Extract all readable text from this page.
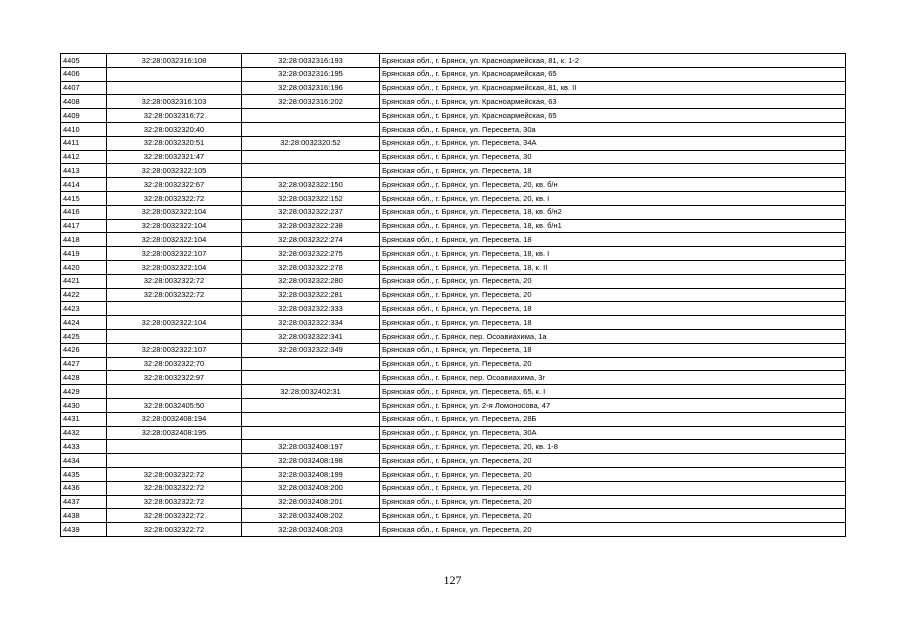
4405	32:28:0032316:108	32:28:0032316:193	Брянская обл., г. Брянск, ул. Красноармейская, 81, к. 1-2
4406		32:28:0032316:195	Брянская обл., г. Брянск, ул. Красноармейская, 65
4407		32:28:0032316:196	Брянская обл., г. Брянск, ул. Красноармейская, 81, кв. II
4408	32:28:0032316:103	32:28:0032316:202	Брянская обл., г. Брянск, ул. Красноармейская, 63
4409	32:28:0032316:72		Брянская обл., г. Брянск, ул. Красноармейская, 65
4410	32:28:0032320:40		Брянская обл., г. Брянск, ул. Пересвета, 30а
4411	32:28:0032320:51	32:28:0032320:52	Брянская обл., г. Брянск, ул. Пересвета, 34А
4412	32:28:0032321:47		Брянская обл., г. Брянск, ул. Пересвета, 30
4413	32:28:0032322:105		Брянская обл., г. Брянск, ул. Пересвета, 18
4414	32:28:0032322:67	32:28:0032322:150	Брянская обл., г. Брянск, ул. Пересвета, 20, кв. б/н
4415	32:28:0032322:72	32:28:0032322:152	Брянская обл., г. Брянск, ул. Пересвета, 20, кв. I
4416	32:28:0032322:104	32:28:0032322:237	Брянская обл., г. Брянск, ул. Пересвета, 18, кв. б/н2
4417	32:28:0032322:104	32:28:0032322:238	Брянская обл., г. Брянск, ул. Пересвета, 18, кв. б/н1
4418	32:28:0032322:104	32:28:0032322:274	Брянская обл., г. Брянск, ул. Пересвета, 18
4419	32:28:0032322:107	32:28:0032322:275	Брянская обл., г. Брянск, ул. Пересвета, 18, кв. I
4420	32:28:0032322:104	32:28:0032322:278	Брянская обл., г. Брянск, ул. Пересвета, 18, к. II
4421	32:28:0032322:72	32:28:0032322:280	Брянская обл., г. Брянск, ул. Пересвета, 20
4422	32:28:0032322:72	32:28:0032322:281	Брянская обл., г. Брянск, ул. Пересвета, 20
4423		32:28:0032322:333	Брянская обл., г. Брянск, ул. Пересвета, 18
4424	32:28:0032322:104	32:28:0032322:334	Брянская обл., г. Брянск, ул. Пересвета, 18
4425		32:28:0032322:341	Брянская обл., г. Брянск, пер. Осоавиахима, 1а
4426	32:28:0032322:107	32:28:0032322:349	Брянская обл., г. Брянск, ул. Пересвета, 18
4427	32:28:0032322:70		Брянская обл., г. Брянск, ул. Пересвета, 20
4428	32:28:0032322:97		Брянская обл., г. Брянск, пер. Осоавиахима, 3г
4429		32:28:0032402:31	Брянская обл., г. Брянск, ул. Пересвета, 65, к. I
4430	32:28:0032405:50		Брянская обл., г. Брянск, ул. 2-я Ломоносова, 47
4431	32:28:0032408:194		Брянская обл., г. Брянск, ул. Пересвета, 28Б
4432	32:28:0032408:195		Брянская обл., г. Брянск, ул. Пересвета, 30А
4433		32:28:0032408:197	Брянская обл., г. Брянск, ул. Пересвета, 20, кв. 1-8
4434		32:28:0032408:198	Брянская обл., г. Брянск, ул. Пересвета, 20
4435	32:28:0032322:72	32:28:0032408:199	Брянская обл., г. Брянск, ул. Пересвета, 20
4436	32:28:0032322:72	32:28:0032408:200	Брянская обл., г. Брянск, ул. Пересвета, 20
4437	32:28:0032322:72	32:28:0032408:201	Брянская обл., г. Брянск, ул. Пересвета, 20
4438	32:28:0032322:72	32:28:0032408:202	Брянская обл., г. Брянск, ул. Пересвета, 20
4439	32:28:0032322:72	32:28:0032408:203	Брянская обл., г. Брянск, ул. Пересвета, 20
127
